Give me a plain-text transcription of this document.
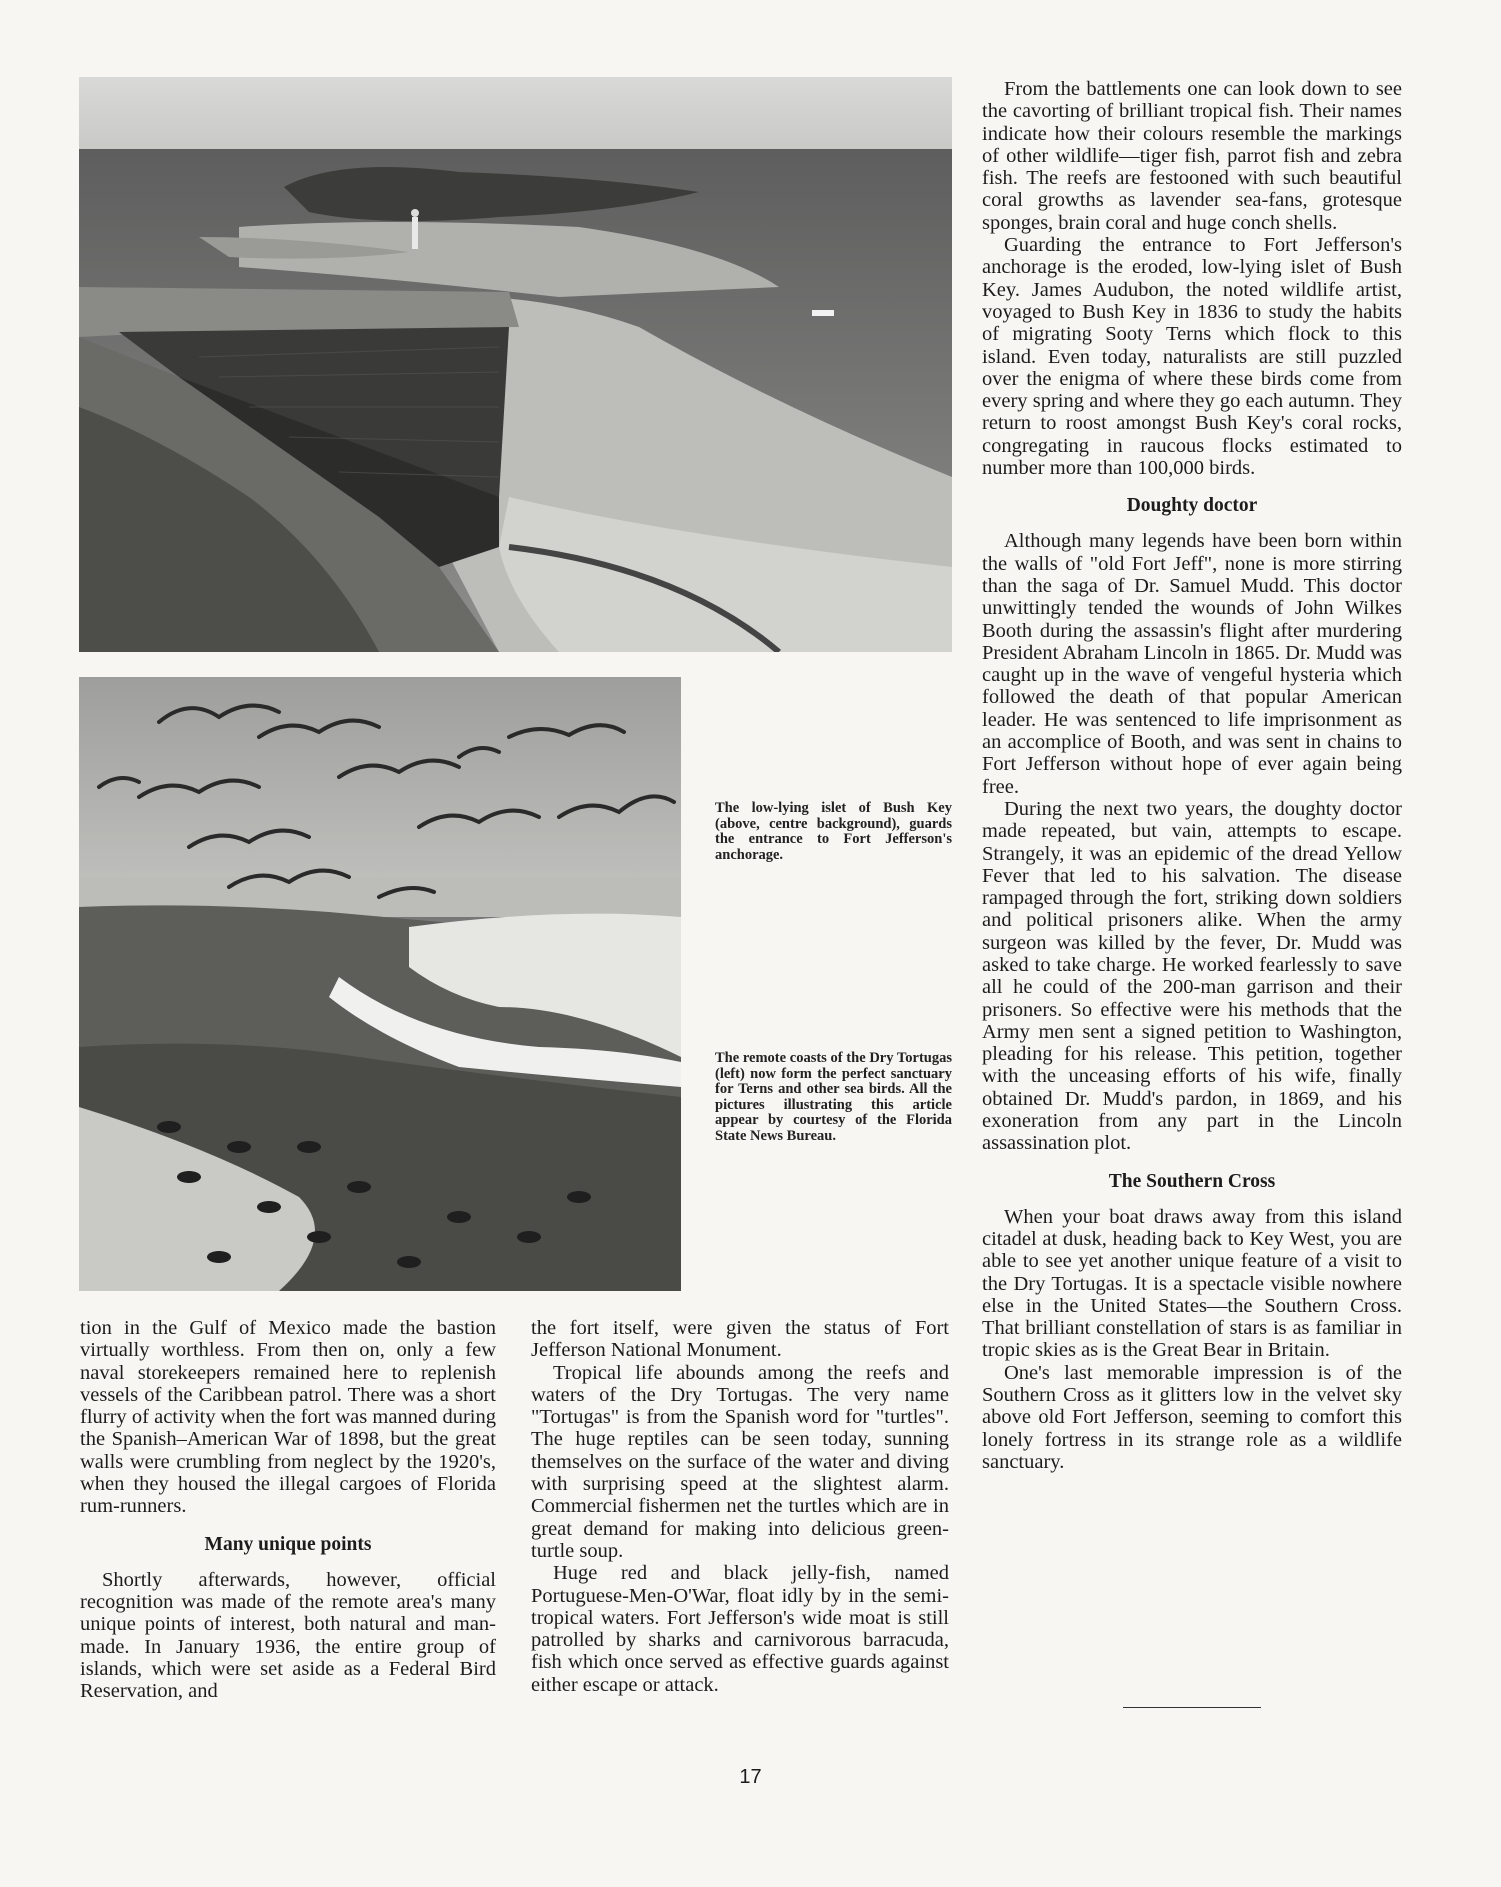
The low-lying islet of Bush Key (above, centre background), guards the entrance to Fort Jefferson's anchorage.
The remote coasts of the Dry Tortugas (left) now form the perfect sanctuary for Terns and other sea birds. All the pictures illustrating this article appear by courtesy of the Florida State News Bureau.

tion in the Gulf of Mexico made the bastion virtually worthless. From then on, only a few naval storekeepers remained here to replenish vessels of the Caribbean patrol. There was a short flurry of activity when the fort was manned during the Spanish–American War of 1898, but the great walls were crumbling from neglect by the 1920's, when they housed the illegal cargoes of Florida rum-runners.

Many unique points

Shortly afterwards, however, official recognition was made of the remote area's many unique points of interest, both natural and man-made. In January 1936, the entire group of islands, which were set aside as a Federal Bird Reservation, and

the fort itself, were given the status of Fort Jefferson National Monument.

Tropical life abounds among the reefs and waters of the Dry Tortugas. The very name "Tortugas" is from the Spanish word for "turtles". The huge reptiles can be seen today, sunning themselves on the surface of the water and diving with surprising speed at the slightest alarm. Commercial fishermen net the turtles which are in great demand for making into delicious green-turtle soup.

Huge red and black jelly-fish, named Portuguese-Men-O'War, float idly by in the semi-tropical waters. Fort Jefferson's wide moat is still patrolled by sharks and carnivorous barracuda, fish which once served as effective guards against either escape or attack.

From the battlements one can look down to see the cavorting of brilliant tropical fish. Their names indicate how their colours resemble the markings of other wildlife—tiger fish, parrot fish and zebra fish. The reefs are festooned with such beautiful coral growths as lavender sea-fans, grotesque sponges, brain coral and huge conch shells.

Guarding the entrance to Fort Jefferson's anchorage is the eroded, low-lying islet of Bush Key. James Audubon, the noted wildlife artist, voyaged to Bush Key in 1836 to study the habits of migrating Sooty Terns which flock to this island. Even today, naturalists are still puzzled over the enigma of where these birds come from every spring and where they go each autumn. They return to roost amongst Bush Key's coral rocks, congregating in raucous flocks estimated to number more than 100,000 birds.

Doughty doctor

Although many legends have been born within the walls of "old Fort Jeff", none is more stirring than the saga of Dr. Samuel Mudd. This doctor unwittingly tended the wounds of John Wilkes Booth during the assassin's flight after murdering President Abraham Lincoln in 1865. Dr. Mudd was caught up in the wave of vengeful hysteria which followed the death of that popular American leader. He was sentenced to life imprisonment as an accomplice of Booth, and was sent in chains to Fort Jefferson without hope of ever again being free.

During the next two years, the doughty doctor made repeated, but vain, attempts to escape. Strangely, it was an epidemic of the dread Yellow Fever that led to his salvation. The disease rampaged through the fort, striking down soldiers and political prisoners alike. When the army surgeon was killed by the fever, Dr. Mudd was asked to take charge. He worked fearlessly to save all he could of the 200-man garrison and their prisoners. So effective were his methods that the Army men sent a signed petition to Washington, pleading for his release. This petition, together with the unceasing efforts of his wife, finally obtained Dr. Mudd's pardon, in 1869, and his exoneration from any part in the Lincoln assassination plot.

The Southern Cross

When your boat draws away from this island citadel at dusk, heading back to Key West, you are able to see yet another unique feature of a visit to the Dry Tortugas. It is a spectacle visible nowhere else in the United States—the Southern Cross. That brilliant constellation of stars is as familiar in tropic skies as is the Great Bear in Britain.

One's last memorable impression is of the Southern Cross as it glitters low in the velvet sky above old Fort Jefferson, seeming to comfort this lonely fortress in its strange role as a wildlife sanctuary.

17
